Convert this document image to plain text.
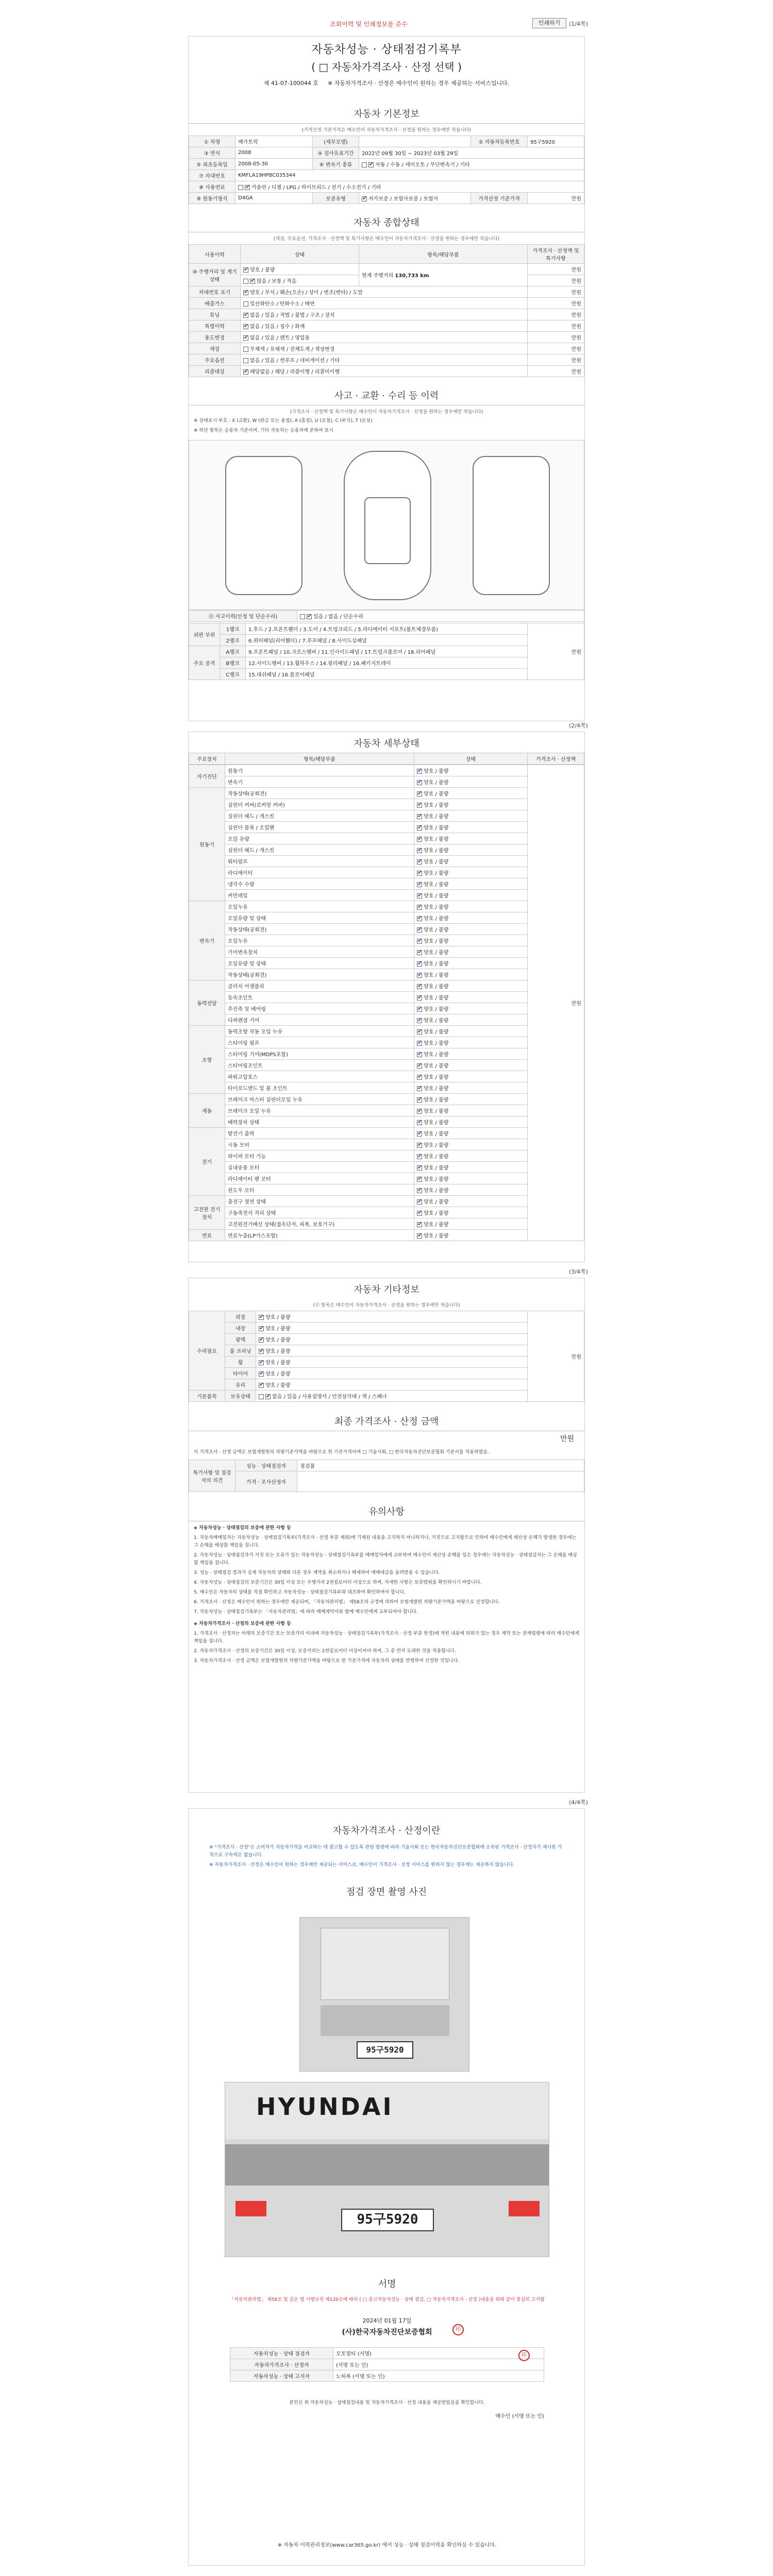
조회이력 및 인쇄정보를 준수	인쇄하기	(1/4쪽)
자동차성능 · 상태점검기록부
( □ 자동차가격조사 · 산정 선택 )
제 41-07-100044 호 ※ 자동차가격조사 · 산정은 매수인이 원하는 경우 제공하는 서비스입니다.
자동차 기본정보
(가격산정 기준가격은 매수인이 자동차가격조사 · 산정을 원하는 경우에만 적습니다)
① 차명	메가트럭	(세부모델)		② 자동차등록번호	95구5920
③ 연식	2008	④ 검사유효기간	2022년 09월 30일 ~ 2023년 03월 29일		
⑤ 최초등록일	2008-05-30	⑥ 변속기 종류	✔자동 / 수동 / 세미오토 / 무단변속기 / 기타
⑦ 차대번호	KMFLA19HP8C035344				
⑧ 사용연료	✔가솔린 / 디젤 / LPG / 하이브리드 / 전기 / 수소전기 / 기타
⑨ 원동기형식	D4GA	보증유형	✔자가보증 / 보험사보증 / 보험사	가격산정 기준가격	만원
자동차 종합상태
(색상, 주요옵션, 가격조사 · 산정액 및 특기사항은 매수인이 자동차가격조사 · 산정을 원하는 경우에만 적습니다)
사용이력	상태	항목/해당부품	가격조사 · 산정액 및 특기사항
⑩ 주행거리 및 계기상태	✔양호 / 불량	현재 주행거리 130,733 km	만원
✔많음 / 보통 / 적음		만원
차대번호 표기	✔양호 / 부식 / 훼손(오손) / 상이 / 변조(변타) / 도말		만원
배출가스	일산화탄소 / 탄화수소 / 매연		만원
튜닝	✔없음 / 있음 / 적법 / 불법 / 구조 / 장치		만원
특별이력	✔없음 / 있음 / 침수 / 화재		만원
용도변경	✔없음 / 있음 / 렌트 / 영업용		만원
색상	무채색 / 유채색 / 전체도색 / 색상변경		만원
주요옵션	없음 / 있음 / 썬루프 / 네비게이션 / 기타		만원
리콜대상	✔해당없음 / 해당 / 리콜이행 / 리콜미이행		만원
사고 · 교환 · 수리 등 이력
(가격조사 · 산정액 및 특기사항은 매수인이 자동차가격조사 · 산정을 원하는 경우에만 적습니다)

※ 상태표시 부호 : X (교환), W (판금 또는 용접), A (흠집), U (요철), C (부식), T (손상)

※ 하단 항목은 승용차 기준이며, 기타 자동차는 승용차에 준하여 표시

⑪ 사고이력(인정 및 단순수리)	✔있음 / 없음 / 단순수리
외판 부위	1랭크	1.후드 / 2.프론트휀더 / 3.도어 / 4.트렁크리드 / 5.라디에이터 서포트(볼트체결부품)	만원
	2랭크	6.쿼터패널(리어휀더) / 7.루프패널 / 8.사이드실패널	
주요 골격	A랭크	9.프론트패널 / 10.크로스멤버 / 11.인사이드패널 / 17.트렁크플로어 / 18.리어패널	
	B랭크	12.사이드멤버 / 13.휠하우스 / 14.필러패널 / 16.패키지트레이	
	C랭크	15.대쉬패널 / 16.플로어패널	
(2/4쪽)
자동차 세부상태
주요장치	항목/해당부품	상태	가격조사 · 산정액
자기진단	원동기	✔양호 / 불량	만원
	변속기	✔양호 / 불량
원동기	작동상태(공회전)	✔양호 / 불량
	실린더 커버(로커암 커버)	✔양호 / 불량
	실린더 헤드 / 개스킷	✔양호 / 불량
	실린더 블록 / 오일팬	✔양호 / 불량
	오일 유량	✔양호 / 불량
	실린더 헤드 / 개스킷	✔양호 / 불량
	워터펌프	✔양호 / 불량
	라디에이터	✔양호 / 불량
	냉각수 수량	✔양호 / 불량
	커먼레일	✔양호 / 불량
변속기	오일누유	✔양호 / 불량
	오일유량 및 상태	✔양호 / 불량
	작동상태(공회전)	✔양호 / 불량
	오일누유	✔양호 / 불량
	기어변속장치	✔양호 / 불량
	오일유량 및 상태	✔양호 / 불량
	작동상태(공회전)	✔양호 / 불량
동력전달	클러치 어셈블리	✔양호 / 불량
	등속조인트	✔양호 / 불량
	추진축 및 베어링	✔양호 / 불량
	디퍼렌셜 기어	✔양호 / 불량
조향	동력조향 작동 오일 누유	✔양호 / 불량
	스티어링 펌프	✔양호 / 불량
	스티어링 기어(MDPS포함)	✔양호 / 불량
	스티어링조인트	✔양호 / 불량
	파워고압호스	✔양호 / 불량
	타이로드엔드 및 볼 조인트	✔양호 / 불량
제동	브레이크 마스터 실린더오일 누유	✔양호 / 불량
	브레이크 오일 누유	✔양호 / 불량
	배력장치 상태	✔양호 / 불량
전기	발전기 출력	✔양호 / 불량
	시동 모터	✔양호 / 불량
	와이퍼 모터 기능	✔양호 / 불량
	실내송풍 모터	✔양호 / 불량
	라디에이터 팬 모터	✔양호 / 불량
	윈도우 모터	✔양호 / 불량
고전원 전기장치	충전구 절연 상태	✔양호 / 불량
	구동축전지 격리 상태	✔양호 / 불량
	고전원전기배선 상태(접속단자, 피복, 보호기구)	✔양호 / 불량
연료	연료누출(LP가스포함)	✔양호 / 불량
(3/4쪽)
자동차 기타정보
(⑰ 항목은 매수인이 자동차가격조사 · 산정을 원하는 경우에만 적습니다)
수리필요	외장	✔양호 / 불량	만원
	내장	✔양호 / 불량
	광택	✔양호 / 불량
	룸 크리닝	✔양호 / 불량
	휠	✔양호 / 불량
	타이어	✔양호 / 불량
	유리	✔양호 / 불량
기본품목	보유상태	✔없음 / 있음 / 사용설명서 / 안전삼각대 / 잭 / 스패너
최종 가격조사 · 산정 금액
만원
이 가격조사 · 산정 금액은 보험개발원의 차량기준가액을 바탕으로 한 기준가격이며 □ 기술사회, □ 한국자동차진단보증협회 기준서를 적용하였음.
특기사항 및 점검자의 의견	성능 · 상태점검자	점검불
	가격 · 조사산정자	
유의사항

◈ 자동차성능 · 상태점검의 보증에 관한 사항 등

1. 자동차매매업자는 자동차성능 · 상태점검기록부(가격조사 · 산정 부분 제외)에 기재된 내용을 고지하지 아니하거나, 거짓으로 고지함으로 인하여 매수인에게 재산상 손해가 발생한 경우에는 그 손해를 배상할 책임을 집니다.

2. 자동차성능 · 상태점검자가 거짓 또는 오류가 있는 자동차성능 · 상태점검기록부를 매매업자에게 교부하여 매수인이 재산상 손해를 입은 경우에는 자동차성능 · 상태점검자는 그 손해를 배상할 책임을 집니다.

3. 성능 · 상태점검 결과가 실제 자동차의 상태와 다른 경우 계약을 취소하거나 해제하여 매매대금을 돌려받을 수 있습니다.

4. 자동차성능 · 상태점검의 보증기간은 30일 이상 또는 주행거리 2천킬로미터 이상으로 하며, 자세한 사항은 보증범위를 확인하시기 바랍니다.

5. 매수인은 자동차의 상태를 직접 확인하고 자동차성능 · 상태점검기록부와 대조하여 확인하여야 합니다.

6. 가격조사 · 산정은 매수인이 원하는 경우에만 제공되며, 「자동차관리법」 제58조의 규정에 의하여 보험개발원 차량기준가액을 바탕으로 산정합니다.

7. 자동차성능 · 상태점검기록부는 「자동차관리법」에 따라 매매계약서와 함께 매수인에게 교부되어야 합니다.

◈ 자동차가격조사 · 산정의 보증에 관한 사항 등

1. 가격조사 · 산정자는 아래의 보증기간 또는 보증거리 이내에 자동차성능 · 상태점검기록부(가격조사 · 산정 부분 한정)에 적힌 내용에 허위가 있는 경우 계약 또는 관계법령에 따라 매수인에게 책임을 집니다.

2. 자동차가격조사 · 산정의 보증기간은 30일 이상, 보증거리는 2천킬로미터 이상이어야 하며, 그 중 먼저 도래한 것을 적용합니다.

3. 자동차가격조사 · 산정 금액은 보험개발원의 차량기준가액을 바탕으로 한 기준가격에 자동차의 상태를 반영하여 산정한 것입니다.

(4/4쪽)
자동차가격조사 · 산정이란

※ "가격조사 · 산정"은 소비자가 자동차가격을 비교하는 데 참고할 수 있도록 관련 법령에 따라 기술사회 또는 한국자동차진단보증협회에 소속된 가격조사 · 산정자가 제시한 가격으로 구속력은 없습니다.

※ 자동차가격조사 · 산정은 매수인이 원하는 경우에만 제공되는 서비스로, 매수인이 가격조사 · 산정 서비스를 원하지 않는 경우에는 제공하지 않습니다.

점검 장면 촬영 사진
95구5920
HYUNDAI
95구5920
서명
「자동차관리법」 제58조 및 같은 법 시행규칙 제120조에 따라 ( □ 중고자동차성능 · 상태 점검, □ 자동차가격조사 · 산정 )내용을 위와 같이 충실히 고지함
2024년 01월 17일
(사)한국자동차진단보증협회	印
자동차성능 · 상태 점검자	오토멀티 (서명)
자동차가격조사 · 산정자	(서명 또는 인)
자동차성능 · 상태 고지자	노허폭 (서명 또는 인)
印
본인은 위 자동차성능 · 상태점검내용 및 자동차가격조사 · 산정 내용을 제공받았음을 확인합니다.
매수인 (서명 또는 인)
※ 자동차 이력관리정보(www.car365.go.kr) 에서 성능 · 상태 점검이력을 확인하실 수 있습니다.
